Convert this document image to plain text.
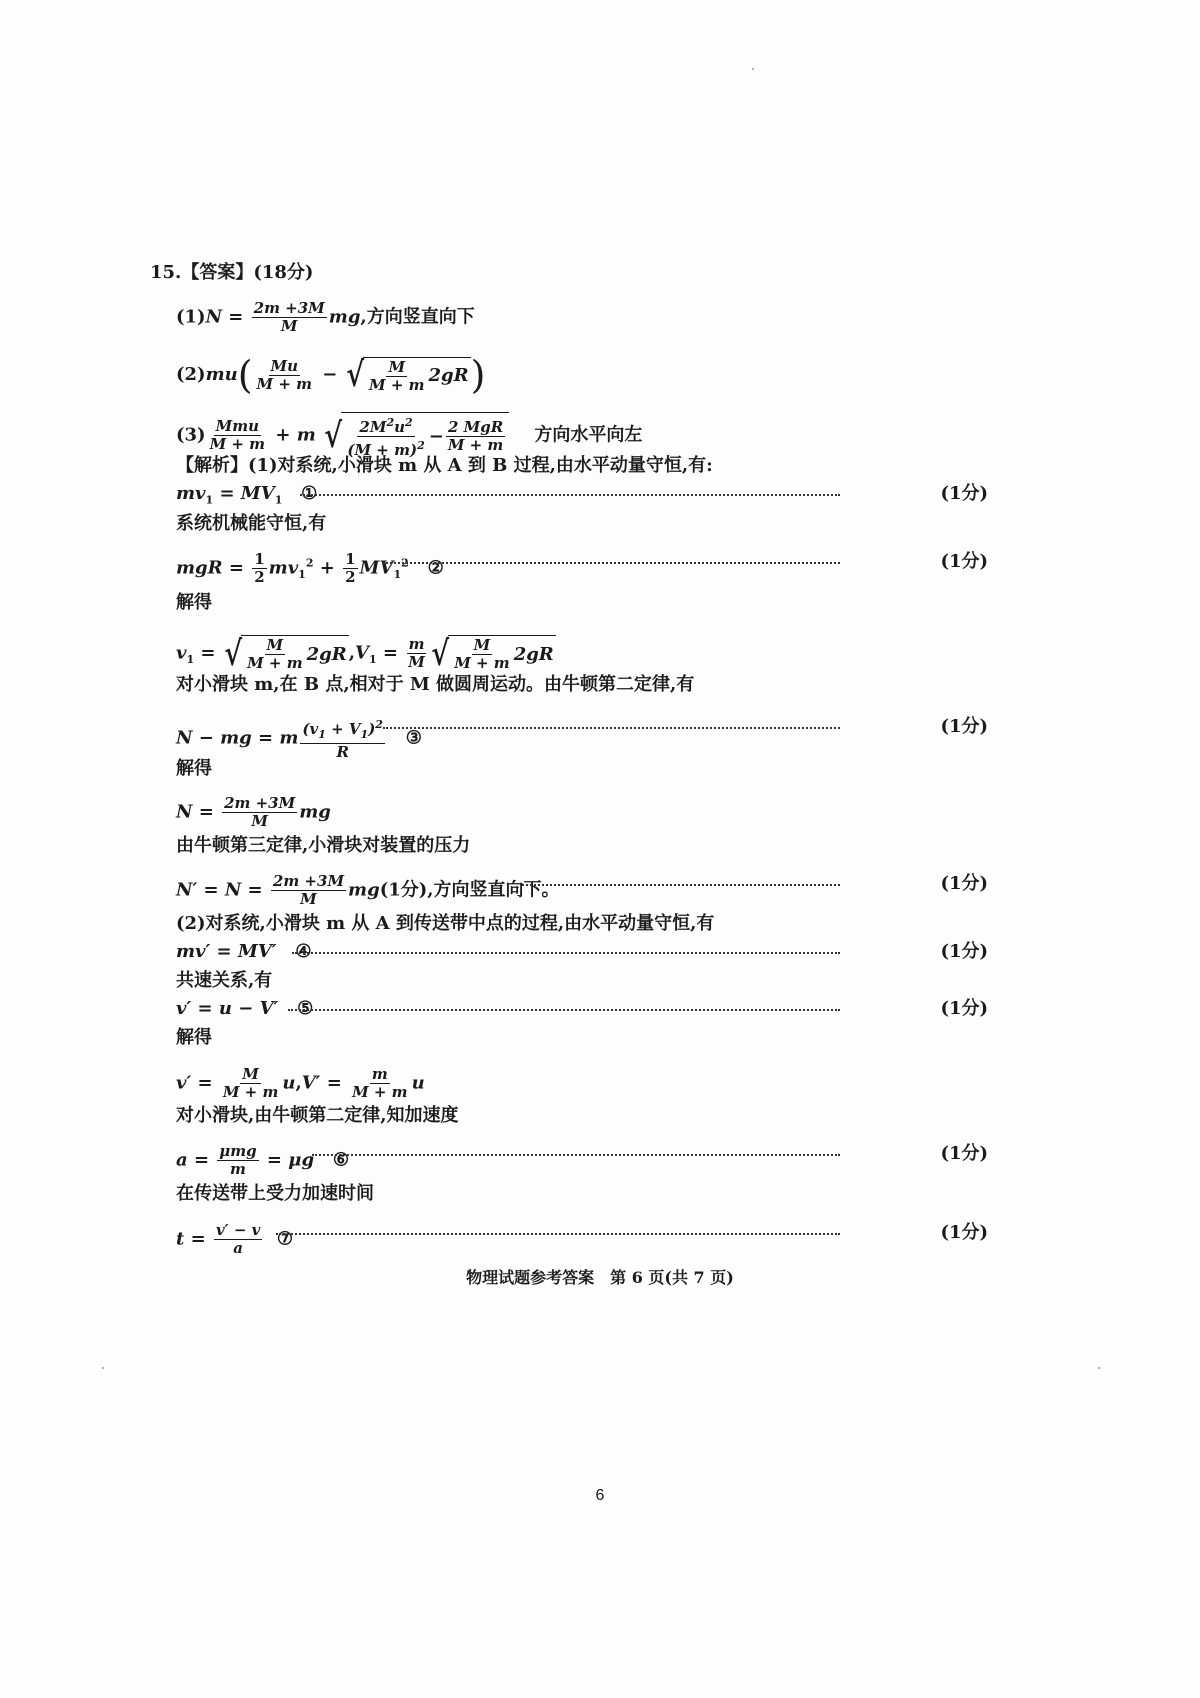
15.【答案】(18分)
$(1)N = \frac{2m +3M}{M}$ mg,方向竖直向下
$(2)mu( \frac{Mu}{M + m}$ − √ $\frac{M}{M + m} 2gR$ )
$(3) \frac{\text{Mmu}}{M + m} + m$ √ $\frac{2M^2u^2}{(M + m)^2} - \frac{\text{2 MgR}}{M + m}$ 方向水平向左
【解析】(1)对系统,小滑块 m 从 A 到 B 过程,由水平动量守恒,有:
$mv_1 = MV_1$ ①	(1分)
系统机械能守恒,有
mgR = $\frac{1}{2} mv_1^2 + \frac{1}{2} MV_1^2$ ②	(1分)
解得
$v_1$ = √ $\frac{M}{M + m} 2gR$ $,V_1 = \frac{m}{M}$ √ $\frac{M}{M + m} 2gR$
对小滑块 m,在 B 点,相对于 M 做圆周运动。由牛顿第二定律,有
N − mg = m $\frac{(v_1 + V_1)^2}{R}$ ③
(1分)
解得
$N = \frac{2m +3M}{M}$ mg
由牛顿第三定律,小滑块对装置的压力
$N' = N = \frac{2m +3M}{M} mg(1$分),方向竖直向下。	(1分)
(2)对系统,小滑块 m 从 A 到传送带中点的过程,由水平动量守恒,有
mv′ = MV′ ④	(1分)
共速关系,有
v′ = u − V′ ⑤	(1分)
解得
$v' = \frac{M}{M + m} u,V' = \frac{m}{M + m}$ u
对小滑块,由牛顿第二定律,知加速度
$a = \frac{\text{μmg}}{m} = \mu g$ ⑥	(1分)
在传送带上受力加速时间
$t = \frac{v' - v}{a}$ ⑦	(1分)
物理试题参考答案　第 6 页(共 7 页)
6
